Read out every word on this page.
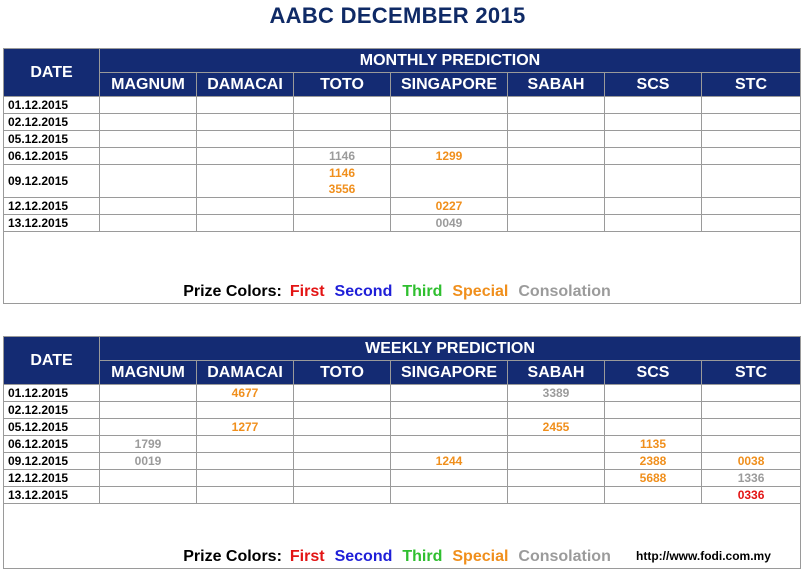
AABC DECEMBER 2015
DATE	MONTHLY PREDICTION						
	MAGNUM	DAMACAI	TOTO	SINGAPORE	SABAH	SCS	STC
01.12.2015							
02.12.2015							
05.12.2015							
06.12.2015			1146	1299			

09.12.2015			1146
3556				

12.12.2015				0227			

13.12.2015				0049			

Prize Colors: First Second Third Special Consolation							
DATE	WEEKLY PREDICTION						
	MAGNUM	DAMACAI	TOTO	SINGAPORE	SABAH	SCS	STC
01.12.2015		4677			3389		

02.12.2015							
05.12.2015		1277			2455		

06.12.2015	1799					1135	

09.12.2015	0019			1244		2388	0038

12.12.2015						5688	1336

13.12.2015							0336

Prize Colors: First Second Third Special Consolation							http://www.fodi.com.my
